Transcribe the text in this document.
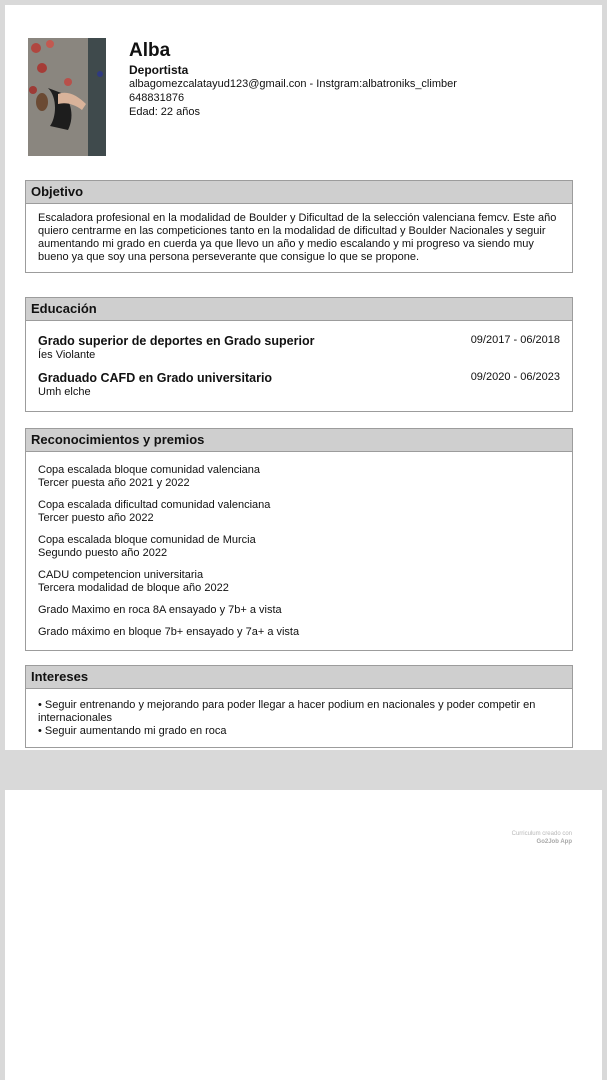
Alba
Deportista
albagomezcalatayud123@gmail.con - Instgram:albatroniks_climber
648831876
Edad: 22 años
Objetivo
Escaladora profesional en la modalidad de Boulder y Dificultad de la selección valenciana femcv. Este año quiero centrarme en las competiciones tanto en la modalidad de dificultad y Boulder Nacionales y seguir aumentando mi grado en cuerda ya que llevo un año y medio escalando y mi progreso va siendo muy bueno ya que soy una persona perseverante que consigue lo que se propone.
Educación
Grado superior de deportes en Grado superior	09/2017 - 06/2018
Íes Violante
Graduado CAFD en Grado universitario	09/2020 - 06/2023
Umh elche
Reconocimientos y premios
Copa escalada bloque comunidad valenciana
Tercer puesta año 2021 y 2022
Copa escalada dificultad comunidad valenciana
Tercer puesto año 2022
Copa escalada bloque comunidad de Murcia
Segundo puesto año 2022
CADU competencion universitaria
Tercera modalidad de bloque año 2022
Grado Maximo en roca 8A ensayado y 7b+ a vista
Grado máximo en bloque 7b+ ensayado y 7a+ a vista
Intereses
• Seguir entrenando y mejorando para poder llegar a hacer podium en nacionales y poder competir en internacionales
• Seguir aumentando mi grado en roca
Curriculum creado con
Go2Job App
